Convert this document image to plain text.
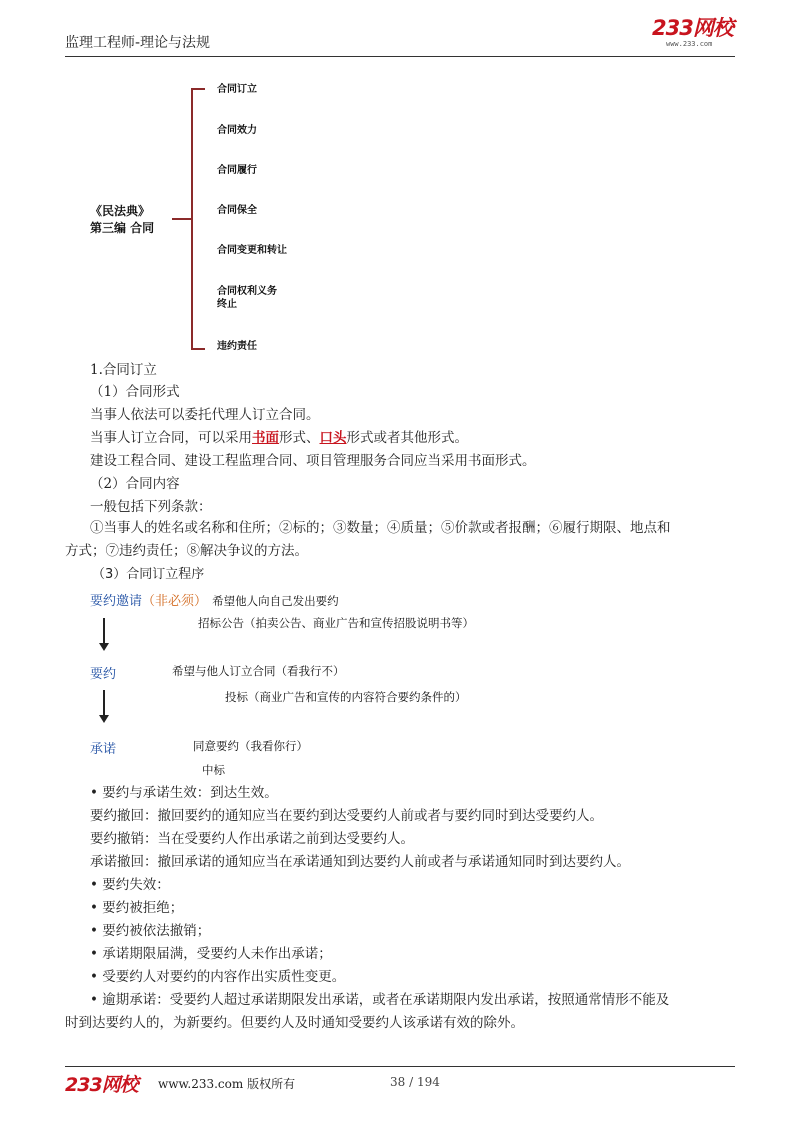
监理工程师-理论与法规
233网校
www.233.com
《民法典》
第三编 合同
合同订立
合同效力
合同履行
合同保全
合同变更和转让
合同权利义务
终止
违约责任
1.合同订立
（1）合同形式
当事人依法可以委托代理人订立合同。
当事人订立合同，可以采用书面形式、口头形式或者其他形式。
建设工程合同、建设工程监理合同、项目管理服务合同应当采用书面形式。
（2）合同内容
一般包括下列条款：
①当事人的姓名或名称和住所；②标的；③数量；④质量；⑤价款或者报酬；⑥履行期限、地点和
方式；⑦违约责任；⑧解决争议的方法。
（3）合同订立程序
要约邀请（非必须） 希望他人向自己发出要约
招标公告（拍卖公告、商业广告和宣传招股说明书等）
要约	希望与他人订立合同（看我行不）
投标（商业广告和宣传的内容符合要约条件的）
承诺	同意要约（我看你行）
中标
• 要约与承诺生效：到达生效。
要约撤回：撤回要约的通知应当在要约到达受要约人前或者与要约同时到达受要约人。
要约撤销：当在受要约人作出承诺之前到达受要约人。
承诺撤回：撤回承诺的通知应当在承诺通知到达要约人前或者与承诺通知同时到达要约人。
• 要约失效：
• 要约被拒绝；
• 要约被依法撤销；
• 承诺期限届满，受要约人未作出承诺；
• 受要约人对要约的内容作出实质性变更。
• 逾期承诺：受要约人超过承诺期限发出承诺，或者在承诺期限内发出承诺，按照通常情形不能及
时到达要约人的，为新要约。但要约人及时通知受要约人该承诺有效的除外。
233网校 www.233.com 版权所有	38 / 194
